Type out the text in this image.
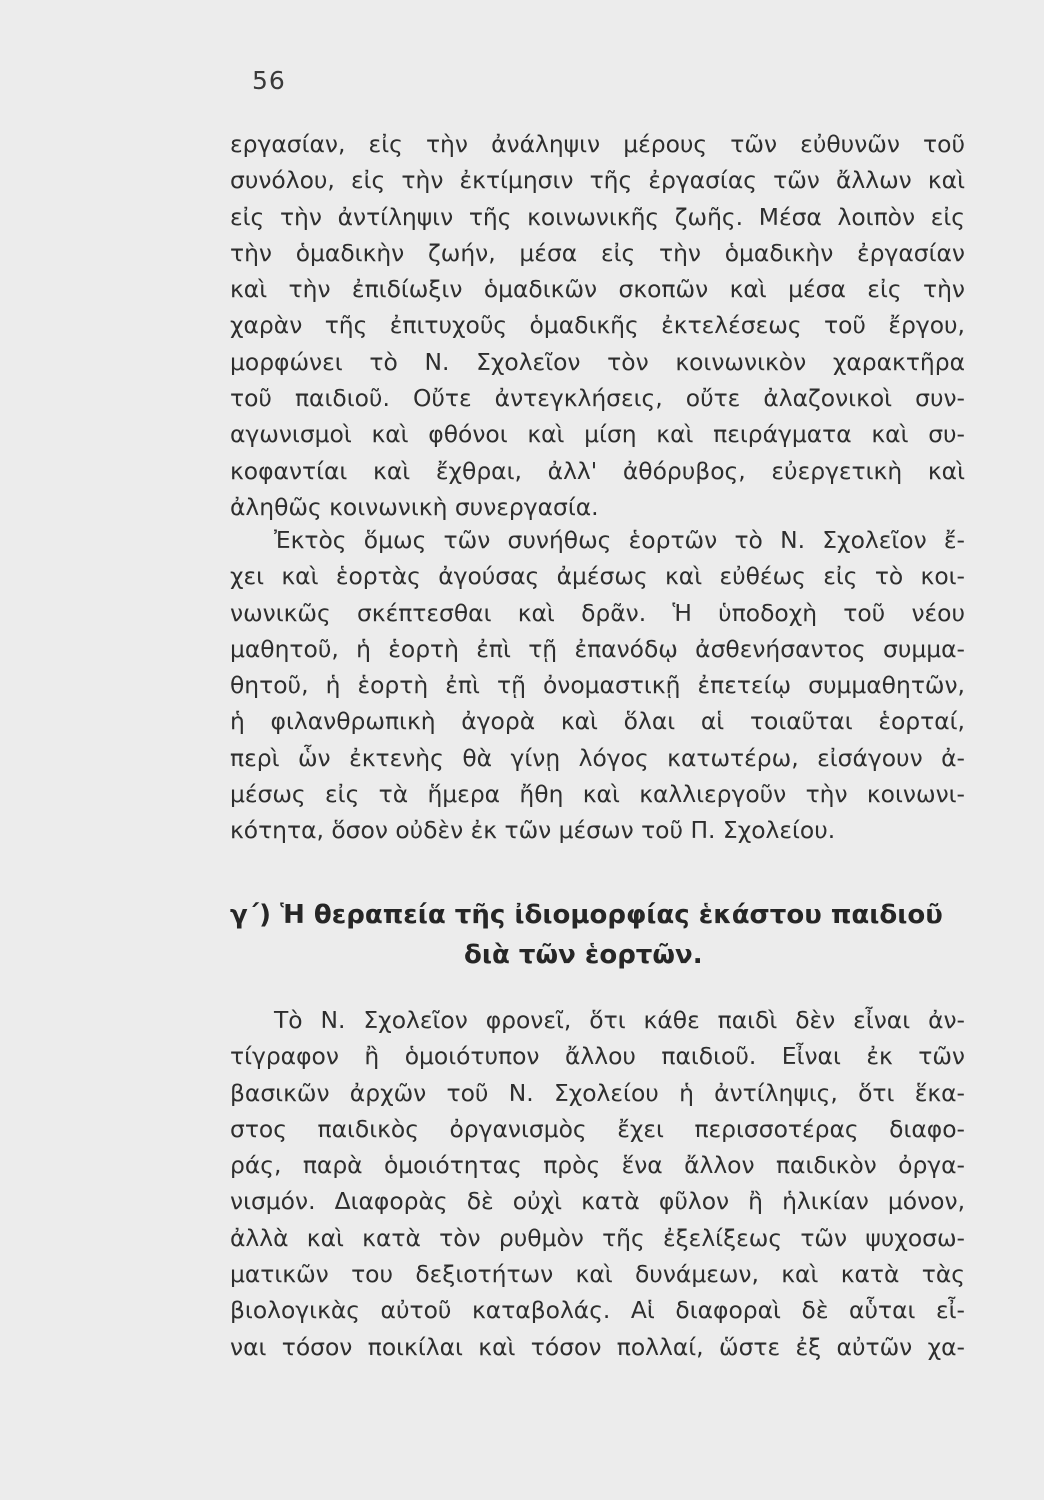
56
εργασίαν, εἰς τὴν ἀνάληψιν μέρους τῶν εὐθυνῶν τοῦ
συνόλου, εἰς τὴν ἐκτίμησιν τῆς ἐργασίας τῶν ἄλλων καὶ
εἰς τὴν ἀντίληψιν τῆς κοινωνικῆς ζωῆς. Μέσα λοιπὸν εἰς
τὴν ὁμαδικὴν ζωήν, μέσα εἰς τὴν ὁμαδικὴν ἐργασίαν
καὶ τὴν ἐπιδίωξιν ὁμαδικῶν σκοπῶν καὶ μέσα εἰς τὴν
χαρὰν τῆς ἐπιτυχοῦς ὁμαδικῆς ἐκτελέσεως τοῦ ἔργου,
μορφώνει τὸ Ν. Σχολεῖον τὸν κοινωνικὸν χαρακτῆρα
τοῦ παιδιοῦ. Οὔτε ἀντεγκλήσεις, οὔτε ἀλαζονικοὶ συν-
αγωνισμοὶ καὶ φθόνοι καὶ μίση καὶ πειράγματα καὶ συ-
κοφαντίαι καὶ ἔχθραι, ἀλλ' ἀθόρυβος, εὐεργετικὴ καὶ
ἀληθῶς κοινωνικὴ συνεργασία.
Ἐκτὸς ὅμως τῶν συνήθως ἑορτῶν τὸ Ν. Σχολεῖον ἔ-
χει καὶ ἑορτὰς ἀγούσας ἀμέσως καὶ εὐθέως εἰς τὸ κοι-
νωνικῶς σκέπτεσθαι καὶ δρᾶν. Ἡ ὑποδοχὴ τοῦ νέου
μαθητοῦ, ἡ ἑορτὴ ἐπὶ τῇ ἐπανόδῳ ἀσθενήσαντος συμμα-
θητοῦ, ἡ ἑορτὴ ἐπὶ τῇ ὀνομαστικῇ ἐπετείῳ συμμαθητῶν,
ἡ φιλανθρωπικὴ ἀγορὰ καὶ ὅλαι αἱ τοιαῦται ἑορταί,
περὶ ὧν ἐκτενὴς θὰ γίνῃ λόγος κατωτέρω, εἰσάγουν ἀ-
μέσως εἰς τὰ ἥμερα ἤθη καὶ καλλιεργοῦν τὴν κοινωνι-
κότητα, ὅσον οὐδὲν ἐκ τῶν μέσων τοῦ Π. Σχολείου.
γ΄) Ἡ θεραπεία τῆς ἰδιομορφίας ἑκάστου παιδιοῦ
διὰ τῶν ἑορτῶν.
Τὸ Ν. Σχολεῖον φρονεῖ, ὅτι κάθε παιδὶ δὲν εἶναι ἀν-
τίγραφον ἢ ὁμοιότυπον ἄλλου παιδιοῦ. Εἶναι ἐκ τῶν
βασικῶν ἀρχῶν τοῦ Ν. Σχολείου ἡ ἀντίληψις, ὅτι ἕκα-
στος παιδικὸς ὀργανισμὸς ἔχει περισσοτέρας διαφο-
ράς, παρὰ ὁμοιότητας πρὸς ἕνα ἄλλον παιδικὸν ὀργα-
νισμόν. Διαφορὰς δὲ οὐχὶ κατὰ φῦλον ἢ ἡλικίαν μόνον,
ἀλλὰ καὶ κατὰ τὸν ρυθμὸν τῆς ἐξελίξεως τῶν ψυχοσω-
ματικῶν του δεξιοτήτων καὶ δυνάμεων, καὶ κατὰ τὰς
βιολογικὰς αὐτοῦ καταβολάς. Αἱ διαφοραὶ δὲ αὗται εἶ-
ναι τόσον ποικίλαι καὶ τόσον πολλαί, ὥστε ἐξ αὐτῶν χα-
